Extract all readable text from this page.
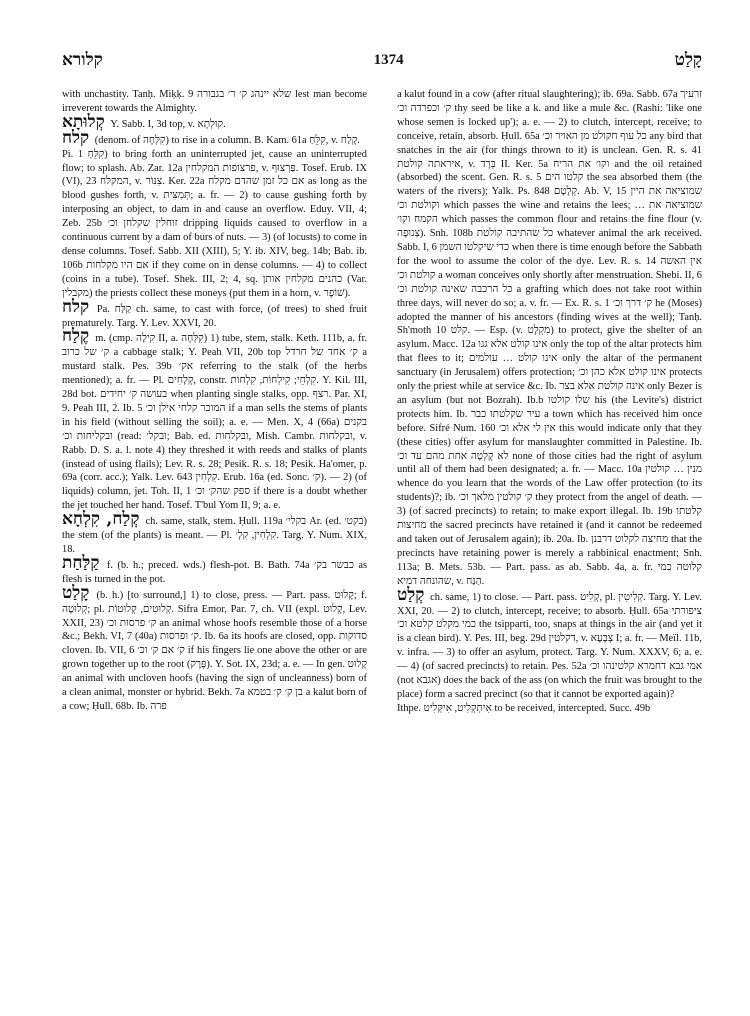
קלורא	1374	קָלַט

with unchastity. Tanḥ. Miḳḳ. 9 שלא יינהג ק׳ ר׳ בגבורה lest man become irreverent towards the Almighty.

קְלוּתָא Y. Sabb. I, 3d top, v. קוּלְתָא.

קלח (denom. of קִלְּחָה) to rise in a column. B. Kam. 61a קִלֵּחַ, v. קָלַח.

Pi. קִלֵּחַ 1) to bring forth an uninterrupted jet, cause an uninterrupted flow; to splash. Ab. Zar. 12a פרצופות המקלחין, v. פַּרְצוּף. Tosef. Erub. IX (VI), 23 המקלח, v. צִנּוֹר. Ker. 22a אם כל זמן שהדם מקלח as long as the blood gushes forth, v. תְּמִצִּית; a. fr. — 2) to cause gushing forth by interposing an object, to dam in and cause an overflow. Eduy. VII, 4; Zeb. 25b זוחלין שקלחן וכ׳ dripping liquids caused to overflow in a continuous current by a dam of burs of nuts. — 3) (of locusts) to come in dense columns. Tosef. Sabb. XII (XIII), 5; Y. ib. XIV, beg. 14b; Bab. ib. 106b אם היו מקלחות if they come on in dense columns. — 4) to collect (coins in a tube). Tosef. Shek. III, 2; 4, sq. כהנים מקלחין אותן (Var. מקבלין) the priests collect these moneys (put them in a horn, v. שׁוֹפָר).

קלח Pa. קַלַּח ch. same, to cast with force, (of trees) to shed fruit prematurely. Targ. Y. Lev. XXVI, 20.

קֶלַח m. (cmp. קִילָה II, a. קִלְּחָה) 1) tube, stem, stalk. Keth. 111b, a. fr. ק׳ של כרוב a cabbage stalk; Y. Peah VII, 20b top ק׳ אחד של חרדל a mustard stalk. Pes. 39b אק׳ referring to the stalk (of the herbs mentioned); a. fr. — Pl. קְלָחִים, constr. קִלְחֵי; קִילְחוֹת, קִלְחוֹת. Y. Kil. III, 28d bot. בעושה ק׳ יחידים when planting single stalks, opp. רצף. Par. XI, 9. Peah III, 2. Ib. 5 המוכר קלחי אילן וכ׳ if a man sells the stems of plants in his field (without selling the soil); a. e. — Men. X, 4 (66a) בקנים ובקליחות וכ׳ (read: ובקל׳; Bab. ed. ובקלחות, Mish. Cambr. ובקלחות, v. Rabb. D. S. a. l. note 4) they threshed it with reeds and stalks of plants (instead of using flails); Lev. R. s. 28; Pesik. R. s. 18; Pesik. Ha'omer, p. 69a (corr. acc.); Yalk. Lev. 643 קִלְחִין. Erub. 16a (ed. Sonc. ק׳). — 2) (of liquids) column, jet. Toh. II, 1 ספק שהק׳ וכ׳ if there is a doubt whether the jet touched her hand. Tosef. T'bul Yom II, 9; a. e.

קְלַח, קִלְחָא ch. same, stalk, stem. Ḥull. 119a בקלי׳ Ar. (ed. בקט׳) the stem (of the plants) is meant. — Pl. קִלְחִין, קִלְ׳. Targ. Y. Num. XIX, 18.

קַלַּחַת f. (b. h.; preced. wds.) flesh-pot. B. Bath. 74a כבשר בק׳ as flesh is turned in the pot.

קָלַט (b. h.) [to surround,] 1) to close, press. — Part. pass. קָלוּט; f. קְלוּטָה; pl. קְלוּטִים, קְלוּטוֹת. Sifra Emor, Par. 7, ch. VII (expl. קָלוּט, Lev. XXII, 23) ק׳ פרסות וכ׳ an animal whose hoofs resemble those of a horse &c.; Bekh. VI, 7 (40a) ק׳ ופרסות. Ib. 6a its hoofs are closed, opp. סדוקות cloven. Ib. VII, 6 ק׳ אם ק׳ וכ׳ if his fingers lie one above the other or are grown together up to the root (פֶּרֶק). Y. Sot. IX, 23d; a. e. — In gen. קָלוּט an animal with uncloven hoofs (having the sign of uncleanness) born of a clean animal, monster or hybrid. Bekh. 7a בן ק׳ ק׳ בטמא a kalut born of a cow; Ḥull. 68b. Ib. פרה

a kalut found in a cow (after ritual slaughtering); ib. 69a. Sabb. 67a זרעיך ק׳ וכפרדה וכ׳ thy seed be like a k. and like a mule &c. (Rashi: 'like one whose semen is locked up'); a. e. — 2) to clutch, intercept, receive; to conceive, retain, absorb. Ḥull. 65a כל עוף חקולט מן האויר וכ׳ any bird that snatches in the air (for things thrown to it) is unclean. Gen. R. s. 41 איראתה קולטת, v. בְּרָד II. Ker. 5a וקו׳ את הריח and the oil retained (absorbed) the scent. Gen. R. s. 5 קלטו הים the sea absorbed them (the waters of the rivers); Yalk. Ps. 848 קְלָטָם. Ab. V, 15 שמוציאה את היין וקולטת וכ׳ which passes the wine and retains the lees; … שמוציאה את הקמח וקו׳ which passes the common flour and retains the fine flour (v. צְנוּפָה). Snh. 108b כל שהתיבה קולטת whatever animal the ark received. Sabb. I, 6 כדי שיקלטו השמן when there is time enough before the Sabbath for the wool to assume the color of the dye. Lev. R. s. 14 אין האשה קולטת וכ׳ a woman conceives only shortly after menstruation. Shebi. II, 6 כל הרכבה שאינה קולטת וכ׳ a grafting which does not take root within three days, will never do so; a. v. fr. — Ex. R. s. 1 ק׳ דרך וכ׳ he (Moses) adopted the manner of his ancestors (finding wives at the well); Tanḥ. Sh'moth 10 קלט. — Esp. (v. מִקְלָט) to protect, give the shelter of an asylum. Macc. 12a אינו קולט אלא גגו only the top of the altar protects him that flees to it; אינו קולט … עולמים only the altar of the permanent sanctuary (in Jerusalem) offers protection; אינו קולט אלא כהן וכ׳ protects only the priest while at service &c. Ib. אינה קולטת אלא בצר only Bezer is an asylum (but not Bozrah). Ib.b שלו קולטו his (the Levite's) district protects him. Ib. עיר שקלטתו כבר a town which has received him once before. Sifré Num. 160 אין לי אלא וכ׳ this would indicate only that they (these cities) offer asylum for manslaughter committed in Palestine. Ib. לא קָלְטָה אחת מהם עד וכ׳ none of those cities had the right of asylum until all of them had been designated; a. fr. — Macc. 10a מנין … קולטין whence do you learn that the words of the Law offer protection (to its students)?; ib. ק׳ קולטין מלאך וכ׳ they protect from the angel of death. — 3) (of sacred precincts) to retain; to make export illegal. Ib. 19b קלטתו מחיצות the sacred precincts have retained it (and it cannot be redeemed and taken out of Jerusalem again); ib. 20a. Ib. מחיצה לקלוט דרבנן that the precincts have retaining power is merely a rabbinical enactment; Snh. 113a; B. Mets. 53b. — Part. pass. as ab. Sabb. 4a, a. fr. קלוטה כמי שהונחה דמיא, v. הַנַּח.

קְלַט ch. same, 1) to close. — Part. pass. קְלִיט, pl. קְלִיטִין. Targ. Y. Lev. XXI, 20. — 2) to clutch, intercept, receive; to absorb. Ḥull. 65a ציפורתי כמי מקלט קלטא וכ׳ the tsipparti, too, snaps at things in the air (and yet it is a clean bird). Y. Pes. III, beg. 29d דקלטין, v. צְבָעָא I; a. fr. — Meïl. 11b, v. infra. — 3) to offer an asylum, protect. Targ. Y. Num. XXXV, 6; a. e. — 4) (of sacred precincts) to retain. Pes. 52a אמי גבא דחמרא קלטינהו וכ׳ (not אגבא) does the back of the ass (on which the fruit was brought to the place) form a sacred precinct (so that it cannot be exported again)?

Ithpe. אִיתְקְלִיט, אִיקְּלִיט to be received, intercepted. Succ. 49b
